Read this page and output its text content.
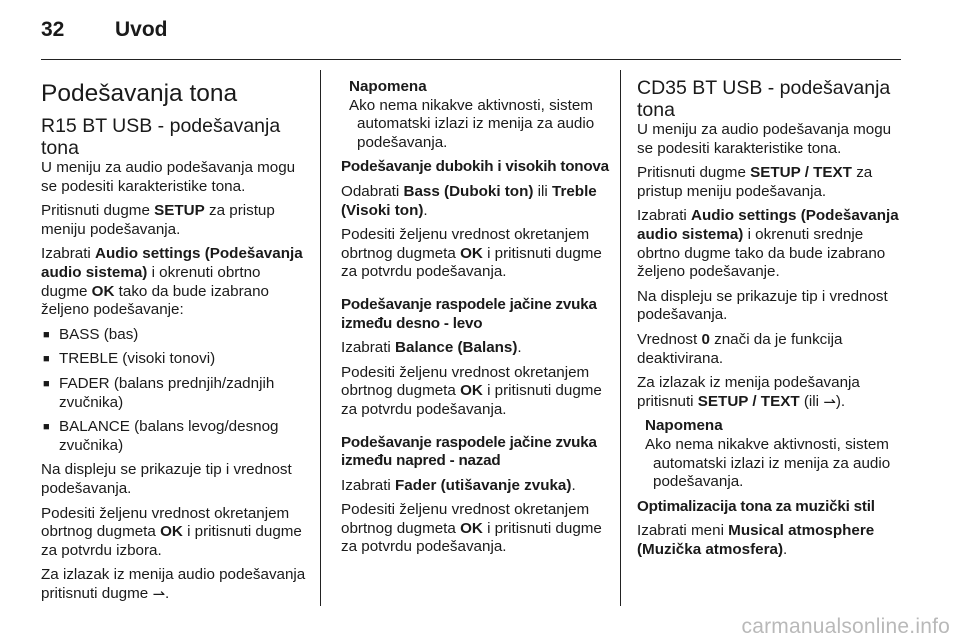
32 Uvod
Podešavanja tona
R15 BT USB - podešavanja
tona

U meniju za audio podešavanja mogu se podesiti karakteristike tona.

Pritisnuti dugme SETUP za pristup meniju podešavanja.

Izabrati Audio settings (Podešavanja audio sistema) i okrenuti obrtno dugme OK tako da bude izabrano željeno podešavanje:

■ BASS (bas)
■ TREBLE (visoki tonovi)
■ FADER (balans prednjih/zadnjih zvučnika)
■ BALANCE (balans levog/desnog zvučnika)

Na displeju se prikazuje tip i vrednost podešavanja.

Podesiti željenu vrednost okretanjem obrtnog dugmeta OK i pritisnuti dugme za potvrdu izbora.

Za izlazak iz menija audio podešavanja pritisnuti dugme ⇀.

Napomena
Ako nema nikakve aktivnosti, sistem
automatski izlazi iz menija za audio
podešavanja.

Podešavanje dubokih i visokih tonova

Odabrati Bass (Duboki ton) ili Treble (Visoki ton).

Podesiti željenu vrednost okretanjem obrtnog dugmeta OK i pritisnuti dugme za potvrdu podešavanja.

Podešavanje raspodele jačine zvuka između desno - levo

Izabrati Balance (Balans).

Podesiti željenu vrednost okretanjem obrtnog dugmeta OK i pritisnuti dugme za potvrdu podešavanja.

Podešavanje raspodele jačine zvuka između napred - nazad

Izabrati Fader (utišavanje zvuka).

Podesiti željenu vrednost okretanjem obrtnog dugmeta OK i pritisnuti dugme za potvrdu podešavanja.

CD35 BT USB - podešavanja
tona

U meniju za audio podešavanja mogu se podesiti karakteristike tona.

Pritisnuti dugme SETUP / TEXT za pristup meniju podešavanja.

Izabrati Audio settings (Podešavanja audio sistema) i okrenuti srednje obrtno dugme tako da bude izabrano željeno podešavanje.

Na displeju se prikazuje tip i vrednost podešavanja.

Vrednost 0 znači da je funkcija deaktivirana.

Za izlazak iz menija podešavanja pritisnuti SETUP / TEXT (ili ⇀).

Napomena
Ako nema nikakve aktivnosti, sistem
automatski izlazi iz menija za audio
podešavanja.

Optimalizacija tona za muzički stil

Izabrati meni Musical atmosphere (Muzička atmosfera).

carmanualsonline.info
